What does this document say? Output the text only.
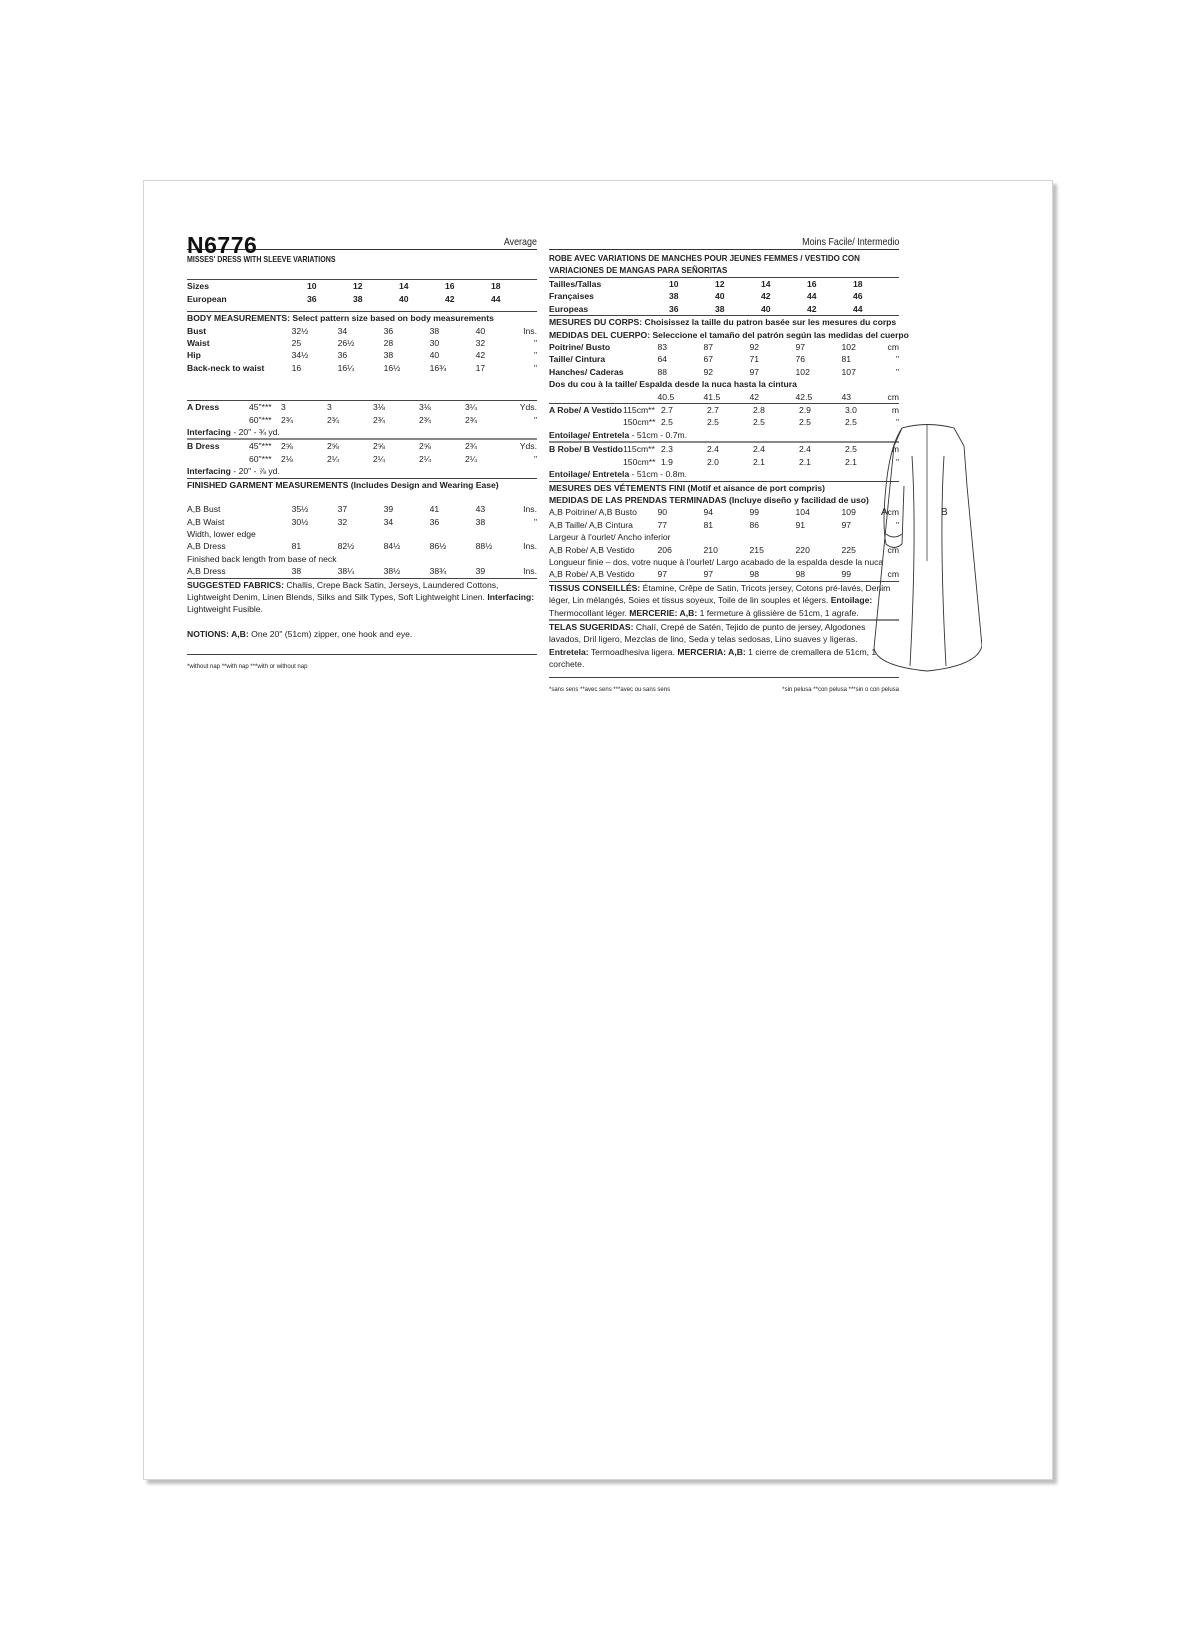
N6776	Average
MISSES' DRESS WITH SLEEVE VARIATIONS
Sizes	10	12	14	16	18	
European	36	38	40	42	44	
BODY MEASUREMENTS: Select pattern size based on body measurements
Bust	32½	34	36	38	40	Ins.
Waist	25	26½	28	30	32	"
Hip	34½	36	38	40	42	"
Back-neck to waist	16	16¼	16½	16¾	17	"
A Dress	45"***	3	3	3⅛	3⅛	3¼	Yds.
	60"***	2¾	2¾	2¾	2¾	2¾	"
Interfacing - 20" - ¾ yd.
B Dress	45"***	2⅝	2⅝	2⅝	2⅝	2¾	Yds.
	60"***	2⅛	2¼	2¼	2¼	2¼	"
Interfacing - 20" - ⅞ yd.
FINISHED GARMENT MEASUREMENTS (Includes Design and Wearing Ease)
A,B Bust	35½	37	39	41	43	Ins.
A,B Waist	30½	32	34	36	38	"
Width, lower edge						
A,B Dress	81	82½	84½	86½	88½	Ins.
Finished back length from base of neck						
A,B Dress	38	38¼	38½	38¾	39	Ins.
SUGGESTED FABRICS: Challis, Crepe Back Satin, Jerseys, Laundered Cottons, Lightweight Denim, Linen Blends, Silks and Silk Types, Soft Lightweight Linen. Interfacing: Lightweight Fusible.
NOTIONS: A,B: One 20" (51cm) zipper, one hook and eye.
*without nap **with nap ***with or without nap
Moins Facile/ Intermedio
ROBE AVEC VARIATIONS DE MANCHES POUR JEUNES FEMMES / VESTIDO CON VARIACIONES DE MANGAS PARA SEÑORITAS
Tailles/Tallas	10	12	14	16	18	
Françaises	38	40	42	44	46	
Europeas	36	38	40	42	44	
MESURES DU CORPS: Choisissez la taille du patron basée sur les mesures du corps
MEDIDAS DEL CUERPO: Seleccione el tamaño del patrón según las medidas del cuerpo
Poitrine/ Busto	83	87	92	97	102	cm
Taille/ Cintura	64	67	71	76	81	"
Hanches/ Caderas	88	92	97	102	107	"
Dos du cou à la taille/ Espalda desde la nuca hasta la cintura						
	40.5	41.5	42	42.5	43	cm
A Robe/ A Vestido	115cm**	2.7	2.7	2.8	2.9	3.0	m
	150cm**	2.5	2.5	2.5	2.5	2.5	"
Entoilage/ Entretela - 51cm - 0.7m.
B Robe/ B Vestido	115cm**	2.3	2.4	2.4	2.4	2.5	m
	150cm**	1.9	2.0	2.1	2.1	2.1	"
Entoilage/ Entretela - 51cm - 0.8m.
MESURES DES VÉTEMENTS FINI (Motif et aisance de port compris)
MEDIDAS DE LAS PRENDAS TERMINADAS (Incluye diseño y facilidad de uso)
A,B Poitrine/ A,B Busto	90	94	99	104	109	cm
A,B Taille/ A,B Cintura	77	81	86	91	97	"
Largeur à l'ourlet/ Ancho inferior						
A,B Robe/ A,B Vestido	206	210	215	220	225	cm
Longueur finie – dos, votre nuque à l'ourlet/ Largo acabado de la espalda desde la nuca						
A,B Robe/ A,B Vestido	97	97	98	98	99	cm
TISSUS CONSEILLÉS: Étamine, Crêpe de Satin, Tricots jersey, Cotons pré-lavés, Denim léger, Lin mélangés, Soies et tissus soyeux, Toile de lin souples et légers. Entoilage: Thermocollant léger. MERCERIE: A,B: 1 fermeture à glissière de 51cm, 1 agrafe.
TELAS SUGERIDAS: Chalí, Crepé de Satén, Tejido de punto de jersey, Algodones lavados, Dril ligero, Mezclas de lino, Seda y telas sedosas, Lino suaves y ligeras. Entretela: Termoadhesiva ligera. MERCERIA: A,B: 1 cierre de cremallera de 51cm, 1 corchete.
*sans sens **avec sens ***avec ou sans sens	*sin pelusa **con pelusa ***sin o con pelusa
A	B
